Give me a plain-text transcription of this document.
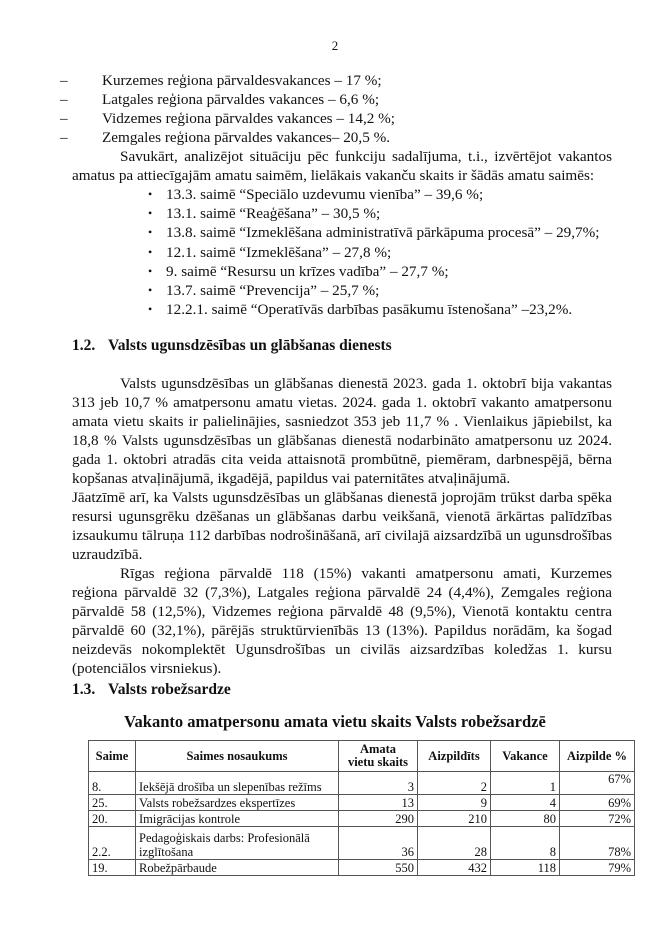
2
–	Kurzemes reģiona pārvaldesvakances – 17 %;
–	Latgales reģiona pārvaldes vakances – 6,6 %;
–	Vidzemes reģiona pārvaldes vakances – 14,2 %;
–	Zemgales reģiona pārvaldes vakances– 20,5 %.
Savukārt, analizējot situāciju pēc funkciju sadalījuma, t.i., izvērtējot vakantos amatus pa attiecīgajām amatu saimēm, lielākais vakanču skaits ir šādās amatu saimēs:
• 13.3. saimē “Speciālo uzdevumu vienība” – 39,6 %;
• 13.1. saimē “Reaģēšana” – 30,5 %;
• 13.8. saimē “Izmeklēšana administratīvā pārkāpuma procesā” – 29,7%;
• 12.1. saimē “Izmeklēšana” – 27,8 %;
• 9. saimē “Resursu un krīzes vadība” – 27,7 %;
• 13.7. saimē “Prevencija” – 25,7 %;
• 12.2.1. saimē “Operatīvās darbības pasākumu īstenošana” –23,2%.
1.2. Valsts ugunsdzēsības un glābšanas dienests
Valsts ugunsdzēsības un glābšanas dienestā 2023. gada 1. oktobrī bija vakantas 313 jeb 10,7 % amatpersonu amatu vietas. 2024. gada 1. oktobrī vakanto amatpersonu amata vietu skaits ir palielinājies, sasniedzot 353 jeb 11,7 % . Vienlaikus jāpiebilst, ka 18,8 % Valsts ugunsdzēsības un glābšanas dienestā nodarbināto amatpersonu uz 2024. gada 1. oktobri atradās cita veida attaisnotā prombūtnē, piemēram, darbnespējā, bērna kopšanas atvaļinājumā, ikgadējā, papildus vai paternitātes atvaļinājumā.
Jāatzīmē arī, ka Valsts ugunsdzēsības un glābšanas dienestā joprojām trūkst darba spēka resursi ugunsgrēku dzēšanas un glābšanas darbu veikšanā, vienotā ārkārtas palīdzības izsaukumu tālruņa 112 darbības nodrošināšanā, arī civilajā aizsardzībā un ugunsdrošības uzraudzībā.
Rīgas reģiona pārvaldē 118 (15%) vakanti amatpersonu amati, Kurzemes reģiona pārvaldē 32 (7,3%), Latgales reģiona pārvaldē 24 (4,4%), Zemgales reģiona pārvaldē 58 (12,5%), Vidzemes reģiona pārvaldē 48 (9,5%), Vienotā kontaktu centra pārvaldē 60 (32,1%), pārējās struktūrvienībās 13 (13%). Papildus norādām, ka šogad neizdevās nokomplektēt Ugunsdrošības un civilās aizsardzības koledžas 1. kursu (potenciālos virsniekus).
1.3. Valsts robežsardze
Vakanto amatpersonu amata vietu skaits Valsts robežsardzē
Saime	Saimes nosaukums	Amata
vietu skaits	Aizpildīts	Vakance	Aizpilde %
8.	Iekšējā drošība un slepenības režīms	3	2	1	67%
25.	Valsts robežsardzes ekspertīzes	13	9	4	69%
20.	Imigrācijas kontrole	290	210	80	72%
2.2.	Pedagoģiskais darbs: Profesionālā
izglītošana	36	28	8	78%
19.	Robežpārbaude	550	432	118	79%
